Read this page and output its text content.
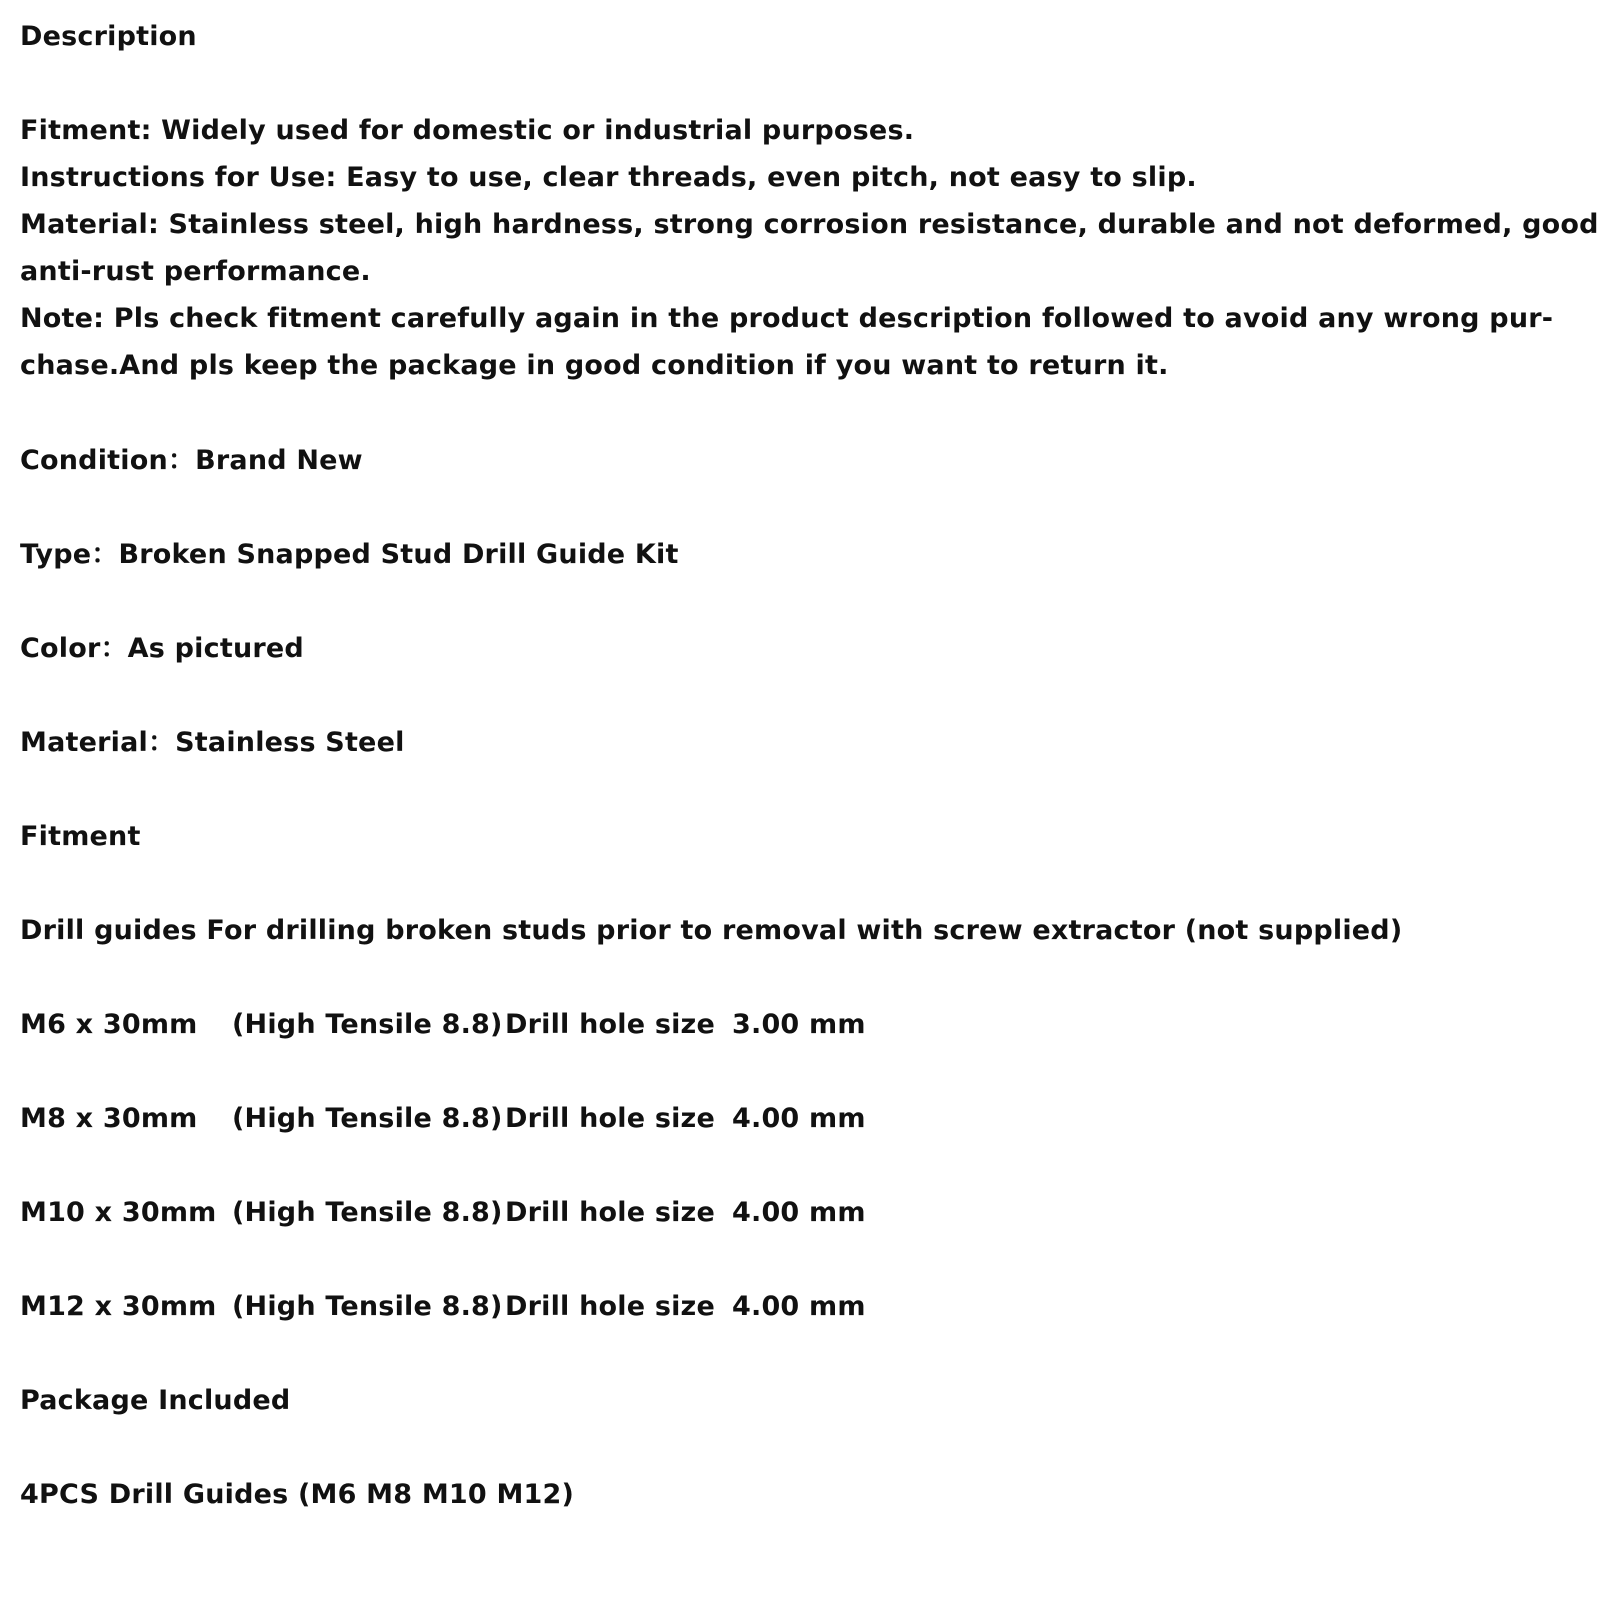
Description
Fitment: Widely used for domestic or industrial purposes.
Instructions for Use: Easy to use, clear threads, even pitch, not easy to slip.
Material: Stainless steel, high hardness, strong corrosion resistance, durable and not deformed, good
anti-rust performance.
Note: Pls check fitment carefully again in the product description followed to avoid any wrong pur-
chase.And pls keep the package in good condition if you want to return it.
Condition：Brand New
Type：Broken Snapped Stud Drill Guide Kit
Color：As pictured
Material：Stainless Steel
Fitment
Drill guides For drilling broken studs prior to removal with screw extractor (not supplied)
M6 x 30mm (High Tensile 8.8) Drill hole size 3.00 mm
M8 x 30mm (High Tensile 8.8) Drill hole size 4.00 mm
M10 x 30mm (High Tensile 8.8) Drill hole size 4.00 mm
M12 x 30mm (High Tensile 8.8) Drill hole size 4.00 mm
Package Included
4PCS Drill Guides (M6 M8 M10 M12)
